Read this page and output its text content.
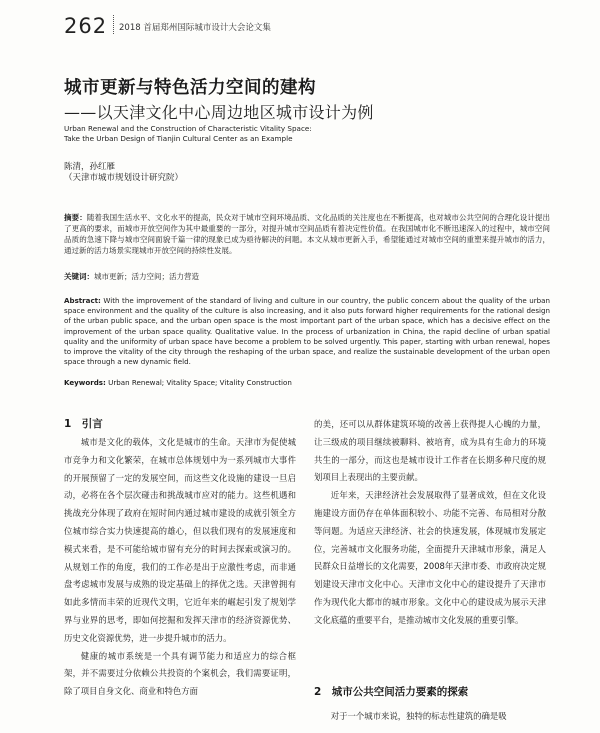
262 2018 首届郑州国际城市设计大会论文集
城市更新与特色活力空间的建构
——以天津文化中心周边地区城市设计为例
Urban Renewal and the Construction of Characteristic Vitality Space:
Take the Urban Design of Tianjin Cultural Center as an Example
陈清，孙红雁
（天津市城市规划设计研究院）
摘要：随着我国生活水平、文化水平的提高，民众对于城市空间环境品质、文化品质的关注度也在不断提高，也对城市公共空间的合理化设计提出了更高的要求，而城市开放空间作为其中最重要的一部分，对提升城市空间品质有着决定性价值。在我国城市化不断迅速深入的过程中，城市空间品质的急速下降与城市空间面貌千篇一律的现象已成为亟待解决的问题。本文从城市更新入手，希望能通过对城市空间的重塑来提升城市的活力，通过新的活力场景实现城市开放空间的持续性发展。
关键词：城市更新；活力空间；活力营造
Abstract: With the improvement of the standard of living and culture in our country, the public concern about the quality of the urban space environment and the quality of the culture is also increasing, and it also puts forward higher requirements for the rational design of the urban public space, and the urban open space is the most important part of the urban space, which has a decisive effect on the improvement of the urban space quality. Qualitative value. In the process of urbanization in China, the rapid decline of urban spatial quality and the uniformity of urban space have become a problem to be solved urgently. This paper, starting with urban renewal, hopes to improve the vitality of the city through the reshaping of the urban space, and realize the sustainable development of the urban open space through a new dynamic field.
Keywords: Urban Renewal; Vitality Space; Vitality Construction
1　引言

城市是文化的载体，文化是城市的生命。天津市为促使城市竞争力和文化繁荣，在城市总体规划中为一系列城市大事件的开展预留了一定的发展空间，而这些文化设施的建设一旦启动，必将在各个层次碰击和挑战城市应对的能力。这些机遇和挑战充分体现了政府在短时间内通过城市建设的成就引领全方位城市综合实力快速提高的雄心，但以我们现有的发展速度和模式来看，是不可能给城市留有充分的时间去探索或演习的。从规划工作的角度，我们的工作必是出于应激性考虑，而非通盘考虑城市发展与成熟的设定基础上的择优之选。天津曾拥有如此多情而丰荣的近现代文明，它近年来的崛起引发了规划学界与业界的思考，即如何挖掘和发挥天津市的经济资源优势、历史文化资源优势，进一步提升城市的活力。

健康的城市系统是一个具有调节能力和适应力的综合框架，并不需要过分依赖公共投资的个案机会，我们需要证明，除了项目自身文化、商业和特色方面

的美，还可以从群体建筑环境的改善上获得提人心魄的力量，让三级成的项目继续被聊料、被培育，成为具有生命力的环境共生的一部分，而这也是城市设计工作者在长期多种尺度的规划项目上表现出的主要贡献。

近年来，天津经济社会发展取得了显著成效，但在文化设施建设方面仍存在单体面积较小、功能不完善、布局相对分散等问题。为适应天津经济、社会的快速发展，体现城市发展定位，完善城市文化服务功能，全面提升天津城市形象，满足人民群众日益增长的文化需要，2008年天津市委、市政府决定规划建设天津市文化中心。天津市文化中心的建设提升了天津市作为现代化大都市的城市形象。文化中心的建设成为展示天津文化底蕴的重要平台，是推动城市文化发展的重要引擎。

2　城市公共空间活力要素的探索
对于一个城市来说，独特的标志性建筑的确是吸
